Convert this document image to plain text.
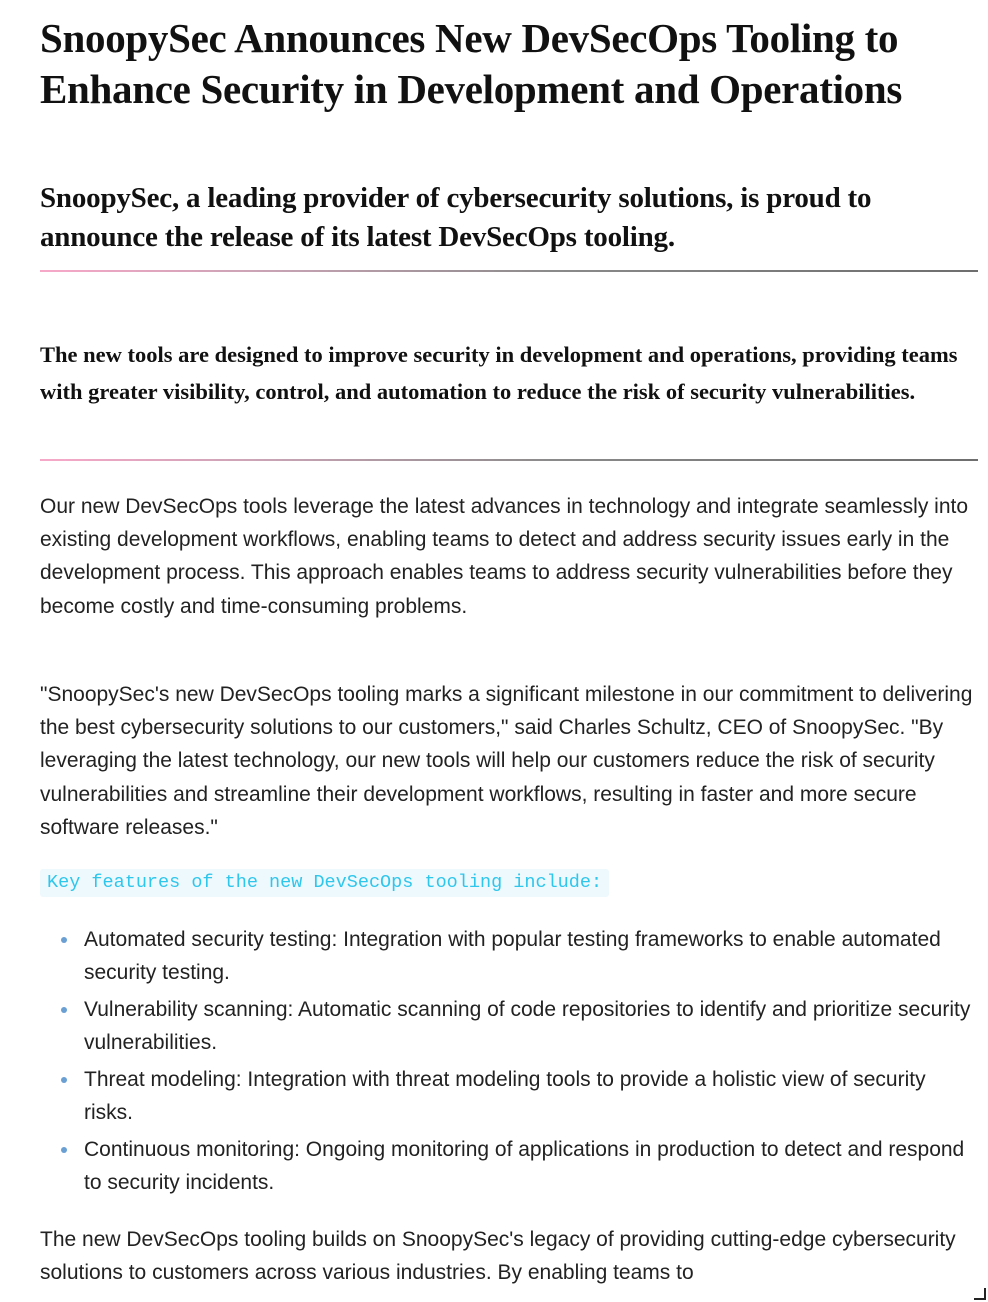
SnoopySec Announces New DevSecOps Tooling to Enhance Security in Development and Operations
SnoopySec, a leading provider of cybersecurity solutions, is proud to announce the release of its latest DevSecOps tooling.
The new tools are designed to improve security in development and operations, providing teams with greater visibility, control, and automation to reduce the risk of security vulnerabilities.

Our new DevSecOps tools leverage the latest advances in technology and integrate seamlessly into existing development workflows, enabling teams to detect and address security issues early in the development process. This approach enables teams to address security vulnerabilities before they become costly and time-consuming problems.

"SnoopySec's new DevSecOps tooling marks a significant milestone in our commitment to delivering the best cybersecurity solutions to our customers," said Charles Schultz, CEO of SnoopySec. "By leveraging the latest technology, our new tools will help our customers reduce the risk of security vulnerabilities and streamline their development workflows, resulting in faster and more secure software releases."

Key features of the new DevSecOps tooling include:
Automated security testing: Integration with popular testing frameworks to enable automated security testing.
Vulnerability scanning: Automatic scanning of code repositories to identify and prioritize security vulnerabilities.
Threat modeling: Integration with threat modeling tools to provide a holistic view of security risks.
Continuous monitoring: Ongoing monitoring of applications in production to detect and respond to security incidents.

The new DevSecOps tooling builds on SnoopySec's legacy of providing cutting-edge cybersecurity solutions to customers across various industries. By enabling teams to
